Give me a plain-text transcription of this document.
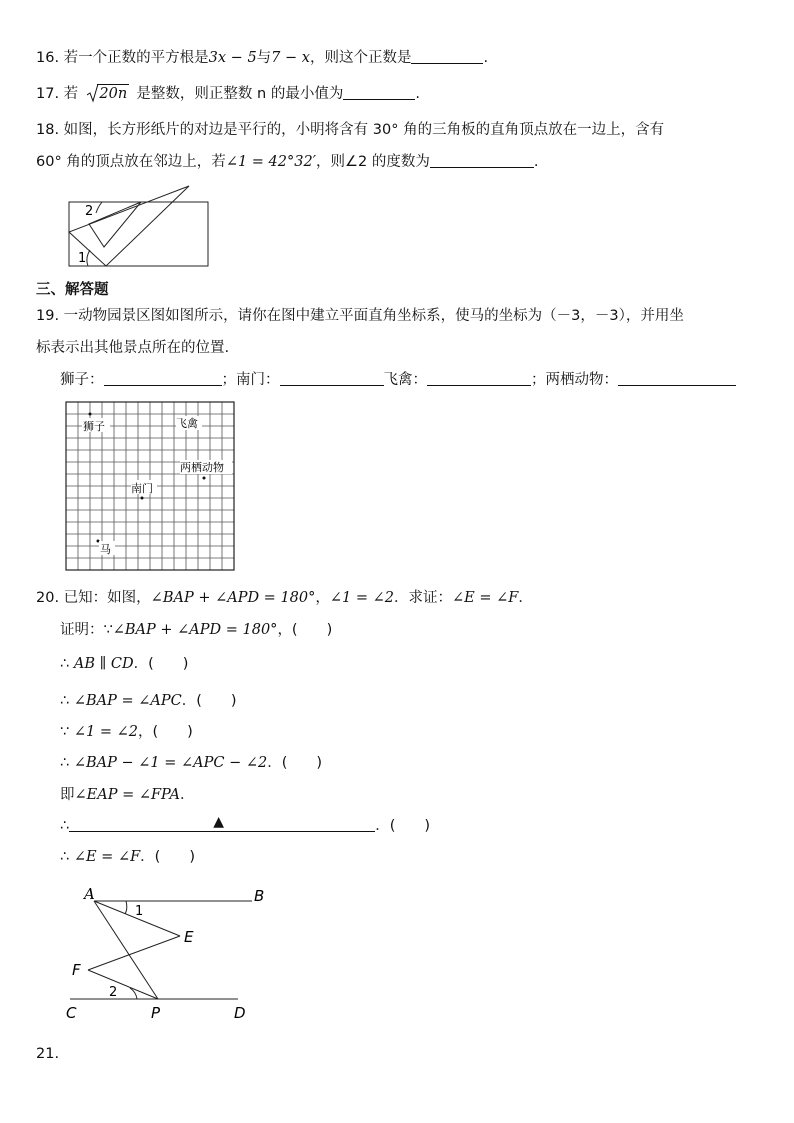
16. 若一个正数的平方根是3x − 5与7 − x，则这个正数是	.
17. 若 20n 是整数，则正整数 n 的最小值为	.
18. 如图，长方形纸片的对边是平行的，小明将含有 30° 角的三角板的直角顶点放在一边上，含有
60° 角的顶点放在邻边上，若∠1 = 42°32′，则∠2 的度数为	.
2
1
三、解答题
19. 一动物园景区图如图所示，请你在图中建立平面直角坐标系，使马的坐标为（－3，－3），并用坐
标表示出其他景点所在的位置.
狮子：	；南门：	飞禽：	；两栖动物：
狮子	飞禽
两栖动物
南门
马
20. 已知：如图，∠BAP + ∠APD = 180°，∠1 = ∠2．求证：∠E = ∠F．
证明：∵∠BAP + ∠APD = 180°，(　　)
∴ AB ∥ CD．(　　)
∴ ∠BAP = ∠APC．(　　)
∵ ∠1 = ∠2，(　　)
∴ ∠BAP − ∠1 = ∠APC − ∠2．(　　)
即∠EAP = ∠FPA．
∴	▲	．(　　)
∴ ∠E = ∠F．(　　)
A	B
E
F
C	P	D
1
2
21.
